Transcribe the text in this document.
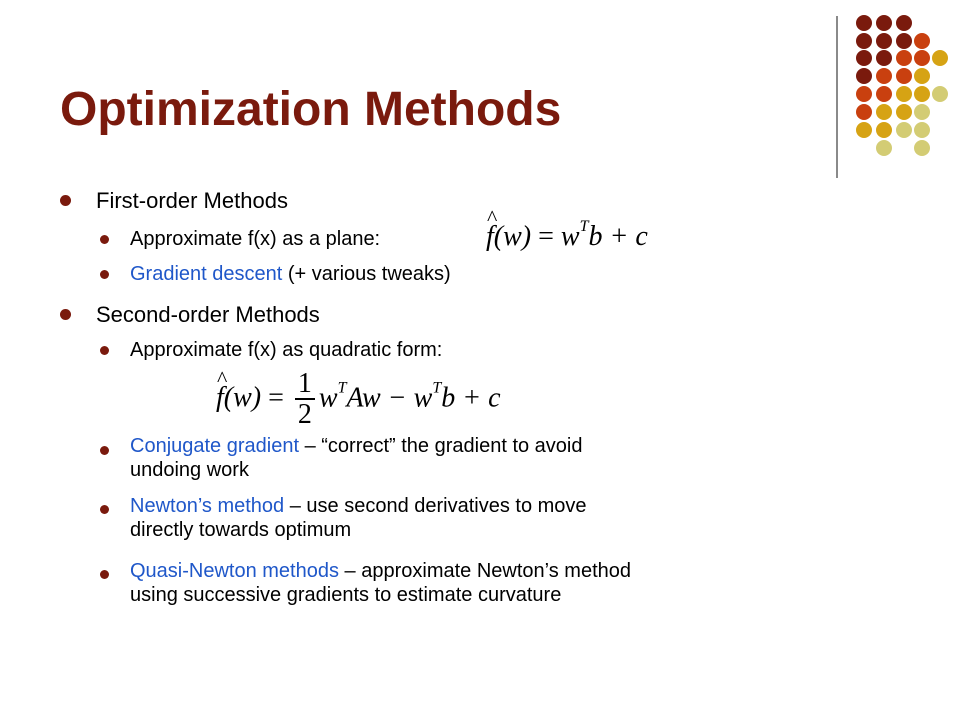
Optimization Methods
First-order Methods
Approximate f(x) as a plane:
^	$f(w) = w^Tb + c$
Gradient descent (+ various tweaks)
Second-order Methods
Approximate f(x) as quadratic form:
^ $f(w) = \frac{1}{2} w^TAw - w^Tb + c$
Conjugate gradient – “correct” the gradient to avoid
undoing work
Newton’s method – use second derivatives to move
directly towards optimum
Quasi-Newton methods – approximate Newton’s method
using successive gradients to estimate curvature
